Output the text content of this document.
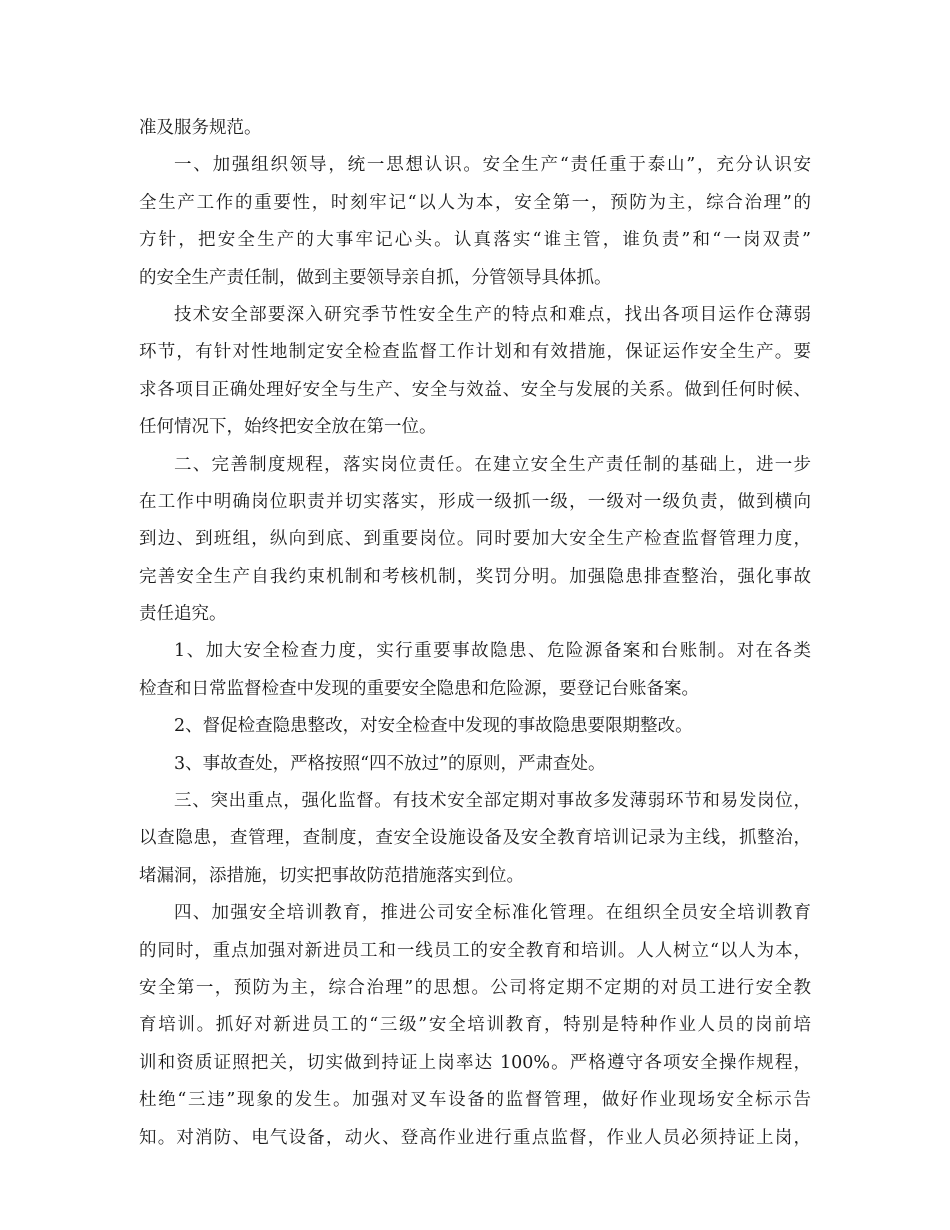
准及服务规范。
一、加强组织领导，统一思想认识。安全生产“责任重于泰山”，充分认识安
全生产工作的重要性，时刻牢记“以人为本，安全第一，预防为主，综合治理”的
方针，把安全生产的大事牢记心头。认真落实“谁主管，谁负责”和“一岗双责”
的安全生产责任制，做到主要领导亲自抓，分管领导具体抓。
技术安全部要深入研究季节性安全生产的特点和难点，找出各项目运作仓薄弱
环节，有针对性地制定安全检查监督工作计划和有效措施，保证运作安全生产。要
求各项目正确处理好安全与生产、安全与效益、安全与发展的关系。做到任何时候、
任何情况下，始终把安全放在第一位。
二、完善制度规程，落实岗位责任。在建立安全生产责任制的基础上，进一步
在工作中明确岗位职责并切实落实，形成一级抓一级，一级对一级负责，做到横向
到边、到班组，纵向到底、到重要岗位。同时要加大安全生产检查监督管理力度，
完善安全生产自我约束机制和考核机制，奖罚分明。加强隐患排查整治，强化事故
责任追究。
1、加大安全检查力度，实行重要事故隐患、危险源备案和台账制。对在各类
检查和日常监督检查中发现的重要安全隐患和危险源，要登记台账备案。
2、督促检查隐患整改，对安全检查中发现的事故隐患要限期整改。
3、事故查处，严格按照“四不放过”的原则，严肃查处。
三、突出重点，强化监督。有技术安全部定期对事故多发薄弱环节和易发岗位，
以查隐患，查管理，查制度，查安全设施设备及安全教育培训记录为主线，抓整治，
堵漏洞，添措施，切实把事故防范措施落实到位。
四、加强安全培训教育，推进公司安全标准化管理。在组织全员安全培训教育
的同时，重点加强对新进员工和一线员工的安全教育和培训。人人树立“以人为本，
安全第一，预防为主，综合治理”的思想。公司将定期不定期的对员工进行安全教
育培训。抓好对新进员工的“三级”安全培训教育，特别是特种作业人员的岗前培
训和资质证照把关，切实做到持证上岗率达 100%。严格遵守各项安全操作规程，
杜绝“三违”现象的发生。加强对叉车设备的监督管理，做好作业现场安全标示告
知。对消防、电气设备，动火、登高作业进行重点监督，作业人员必须持证上岗，
